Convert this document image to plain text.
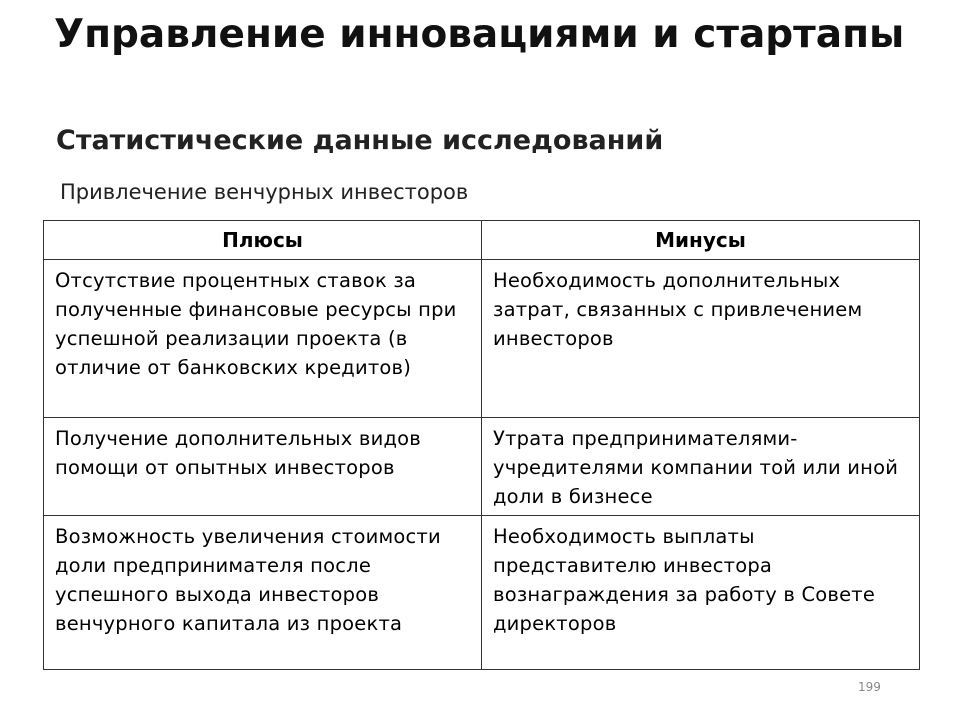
Управление инновациями и стартапы
Статистические данные исследований

Привлечение венчурных инвесторов

Плюсы	Минусы
Отсутствие процентных ставок за полученные финансовые ресурсы при успешной реализации проекта (в отличие от банковских кредитов)	Необходимость дополнительных затрат, связанных с привлечением инвесторов
Получение дополнительных видов помощи от опытных инвесторов	Утрата предпринимателями-учредителями компании той или иной доли в бизнесе
Возможность увеличения стоимости доли предпринимателя после успешного выхода инвесторов венчурного капитала из проекта	Необходимость выплаты представителю инвестора вознаграждения за работу в Совете директоров
199
